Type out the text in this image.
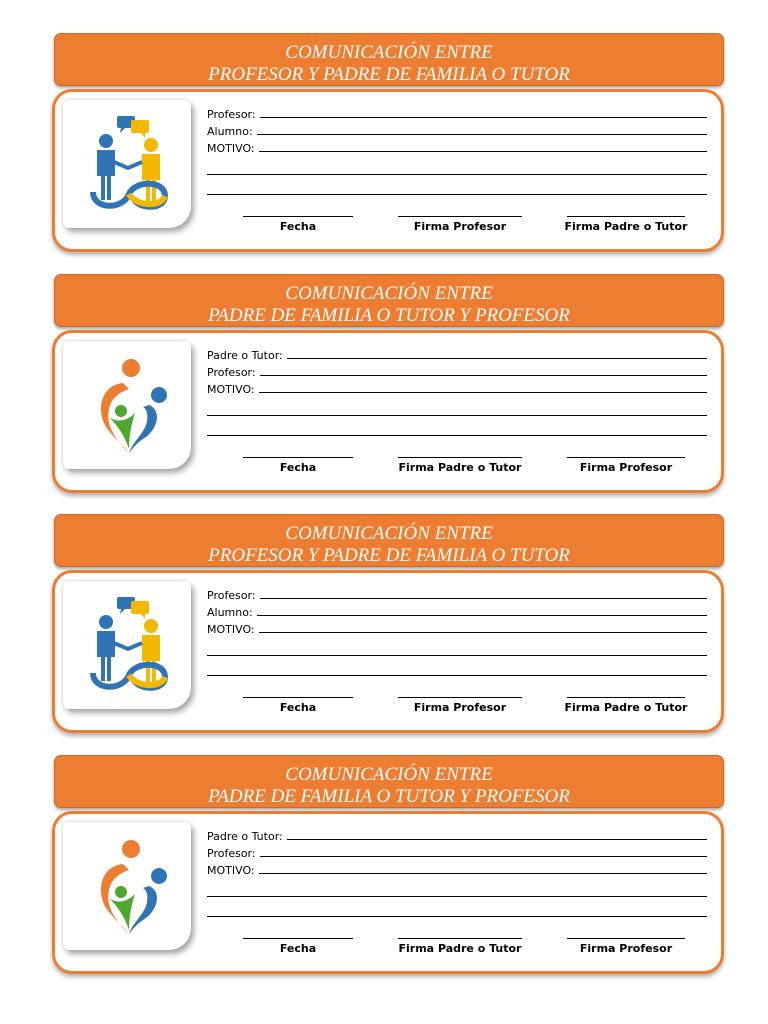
COMUNICACIÓN ENTRE
PROFESOR Y PADRE DE FAMILIA O TUTOR
Profesor:
Alumno:
MOTIVO:
Fecha	Firma Profesor	Firma Padre o Tutor
COMUNICACIÓN ENTRE
PADRE DE FAMILIA O TUTOR Y PROFESOR
Padre o Tutor:
Profesor:
MOTIVO:
Fecha	Firma Padre o Tutor	Firma Profesor
COMUNICACIÓN ENTRE
PROFESOR Y PADRE DE FAMILIA O TUTOR
Profesor:
Alumno:
MOTIVO:
Fecha	Firma Profesor	Firma Padre o Tutor
COMUNICACIÓN ENTRE
PADRE DE FAMILIA O TUTOR Y PROFESOR
Padre o Tutor:
Profesor:
MOTIVO:
Fecha	Firma Padre o Tutor	Firma Profesor
